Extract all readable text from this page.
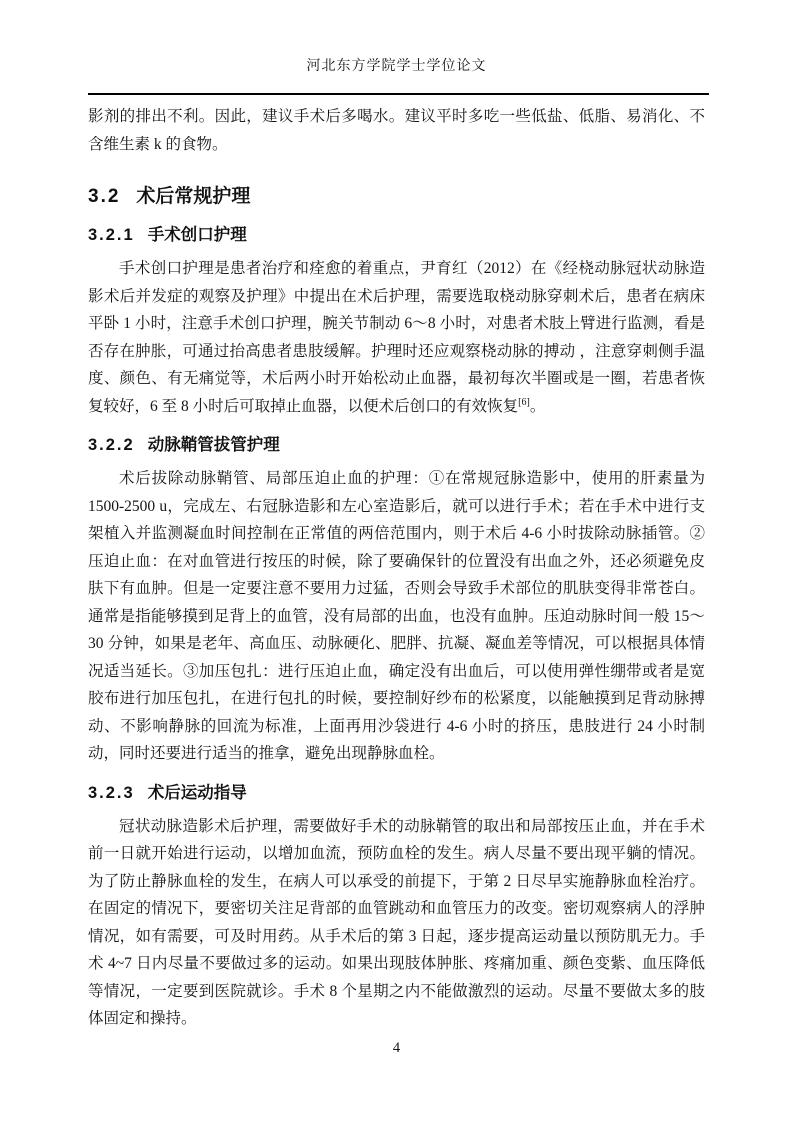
河北东方学院学士学位论文

影剂的排出不利。因此，建议手术后多喝水。建议平时多吃一些低盐、低脂、易消化、不含维生素 k 的食物。

3.2 术后常规护理
3.2.1 手术创口护理

手术创口护理是患者治疗和痊愈的着重点，尹育红（2012）在《经桡动脉冠状动脉造影术后并发症的观察及护理》中提出在术后护理，需要选取桡动脉穿刺术后，患者在病床平卧 1 小时，注意手术创口护理，腕关节制动 6～8 小时，对患者术肢上臂进行监测，看是否存在肿胀，可通过抬高患者患肢缓解。护理时还应观察桡动脉的搏动 ，注意穿刺侧手温度、颜色、有无痛觉等，术后两小时开始松动止血器，最初每次半圈或是一圈，若患者恢复较好，6 至 8 小时后可取掉止血器，以便术后创口的有效恢复[6]。

3.2.2 动脉鞘管拔管护理

术后拔除动脉鞘管、局部压迫止血的护理：①在常规冠脉造影中，使用的肝素量为 1500-2500 u，完成左、右冠脉造影和左心室造影后，就可以进行手术；若在手术中进行支架植入并监测凝血时间控制在正常值的两倍范围内，则于术后 4-6 小时拔除动脉插管。②压迫止血：在对血管进行按压的时候，除了要确保针的位置没有出血之外，还必须避免皮肤下有血肿。但是一定要注意不要用力过猛，否则会导致手术部位的肌肤变得非常苍白。通常是指能够摸到足背上的血管，没有局部的出血，也没有血肿。压迫动脉时间一般 15～30 分钟，如果是老年、高血压、动脉硬化、肥胖、抗凝、凝血差等情况，可以根据具体情况适当延长。③加压包扎：进行压迫止血，确定没有出血后，可以使用弹性绷带或者是宽胶布进行加压包扎，在进行包扎的时候，要控制好纱布的松紧度，以能触摸到足背动脉搏动、不影响静脉的回流为标准，上面再用沙袋进行 4-6 小时的挤压，患肢进行 24 小时制动，同时还要进行适当的推拿，避免出现静脉血栓。

3.2.3 术后运动指导

冠状动脉造影术后护理，需要做好手术的动脉鞘管的取出和局部按压止血，并在手术前一日就开始进行运动，以增加血流，预防血栓的发生。病人尽量不要出现平躺的情况。为了防止静脉血栓的发生，在病人可以承受的前提下，于第 2 日尽早实施静脉血栓治疗。在固定的情况下，要密切关注足背部的血管跳动和血管压力的改变。密切观察病人的浮肿情况，如有需要，可及时用药。从手术后的第 3 日起，逐步提高运动量以预防肌无力。手术 4~7 日内尽量不要做过多的运动。如果出现肢体肿胀、疼痛加重、颜色变紫、血压降低等情况，一定要到医院就诊。手术 8 个星期之内不能做激烈的运动。尽量不要做太多的肢体固定和操持。

4
